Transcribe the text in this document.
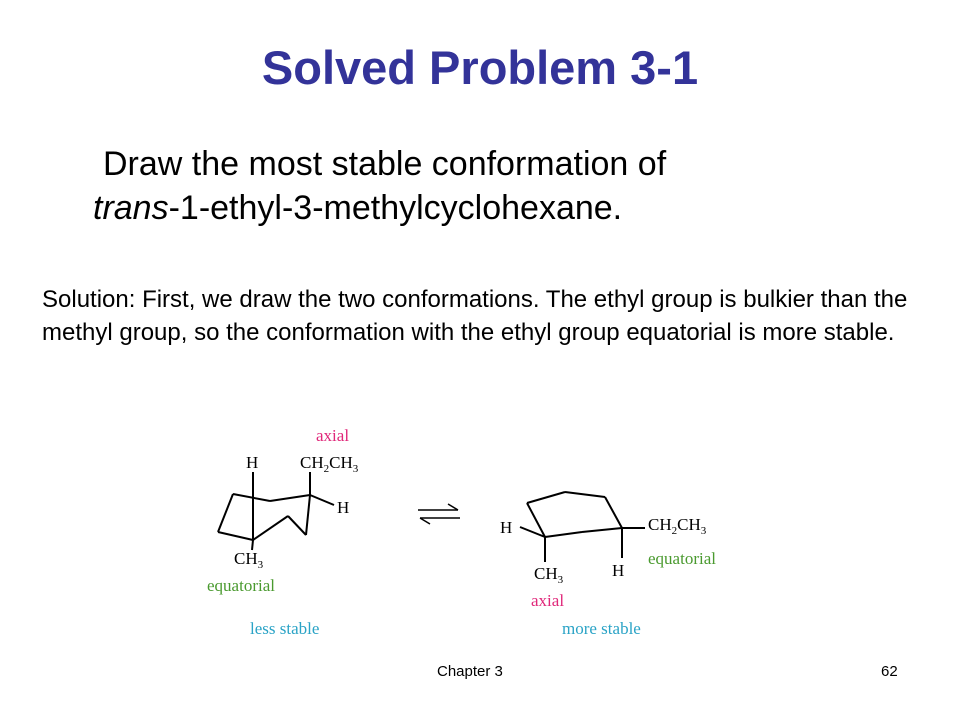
Solved Problem 3-1
Draw the most stable conformation of
trans-1-ethyl-3-methylcyclohexane.

Solution: First, we draw the two conformations. The ethyl group is bulkier than the methyl group, so the conformation with the ethyl group equatorial is more stable.

axial
H $CH_2CH_3$
H
$CH_3$
equatorial
less stable
H	$CH_2CH_3$
equatorial
$CH_3$	H
axial
more stable
Chapter 3	62
